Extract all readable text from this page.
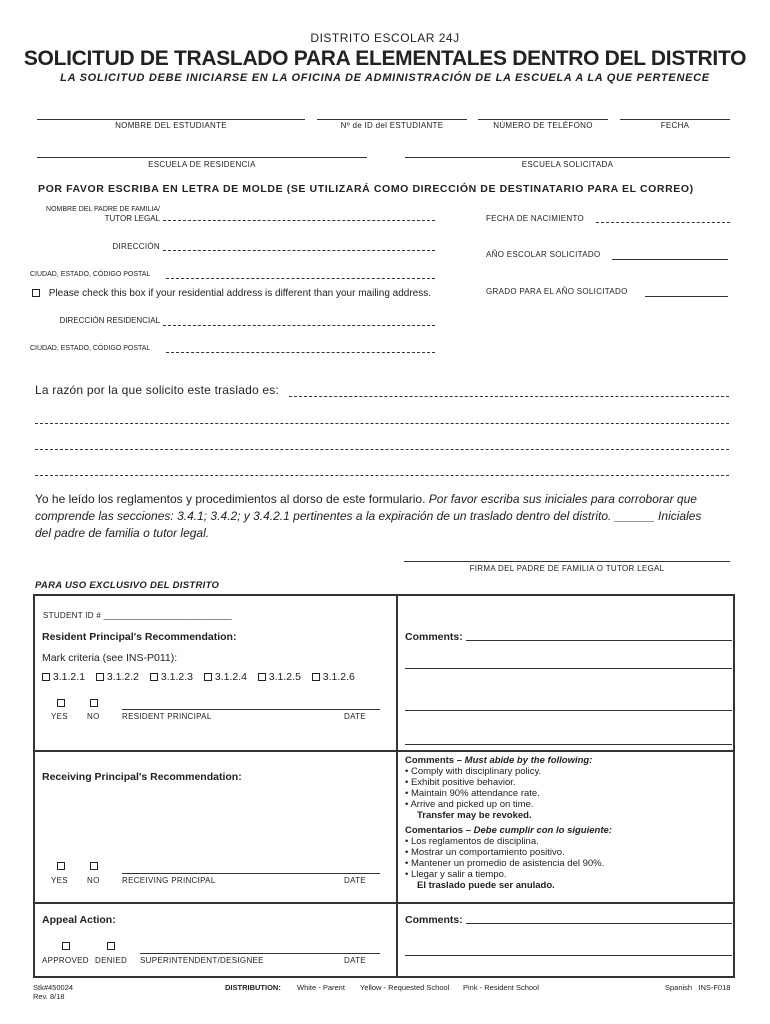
DISTRITO ESCOLAR 24J
SOLICITUD DE TRASLADO PARA ELEMENTALES DENTRO DEL DISTRITO
LA SOLICITUD DEBE INICIARSE EN LA OFICINA DE ADMINISTRACIÓN DE LA ESCUELA A LA QUE PERTENECE
NOMBRE DEL ESTUDIANTE	Nº de ID del ESTUDIANTE	NÚMERO DE TELÉFONO	FECHA
ESCUELA DE RESIDENCIA	ESCUELA SOLICITADA
POR FAVOR ESCRIBA EN LETRA DE MOLDE (SE UTILIZARÁ COMO DIRECCIÓN DE DESTINATARIO PARA EL CORREO)
NOMBRE DEL PADRE DE FAMILIA/
TUTOR LEGAL
DIRECCIÓN
CIUDAD, ESTADO, CÓDIGO POSTAL
Please check this box if your residential address is different than your mailing address.
DIRECCIÓN RESIDENCIAL
CIUDAD, ESTADO, CÓDIGO POSTAL
FECHA DE NACIMIENTO
AÑO ESCOLAR SOLICITADO
GRADO PARA EL AÑO SOLICITADO
La razón por la que solicito este traslado es:
Yo he leído los reglamentos y procedimientos al dorso de este formulario. Por favor escriba sus iniciales para corroborar que
comprende las secciones: 3.4.1; 3.4.2; y 3.4.2.1 pertinentes a la expiración de un traslado dentro del distrito. ______ Iniciales
del padre de familia o tutor legal.
FIRMA DEL PADRE DE FAMILIA O TUTOR LEGAL
PARA USO EXCLUSIVO DEL DISTRITO
STUDENT ID # ___________________________
Resident Principal's Recommendation:
Mark criteria (see INS-P011):
3.1.2.1 3.1.2.2 3.1.2.3 3.1.2.4 3.1.2.5 3.1.2.6
YES NO	RESIDENT PRINCIPAL	DATE
Comments:
Receiving Principal's Recommendation:
YES NO	RECEIVING PRINCIPAL	DATE
Comments – Must abide by the following:
• Comply with disciplinary policy.
• Exhibit positive behavior.
• Maintain 90% attendance rate.
• Arrive and picked up on time.
Transfer may be revoked.
Comentarios – Debe cumplir con lo siguiente:
• Los reglamentos de disciplina.
• Mostrar un comportamiento positivo.
• Mantener un promedio de asistencia del 90%.
• Llegar y salir a tiempo.
El traslado puede ser anulado.
Appeal Action:
APPROVED DENIED SUPERINTENDENT/DESIGNEE	DATE
Comments:
Stk#450024
Rev. 8/18
DISTRIBUTION: White - Parent Yellow - Requested School Pink - Resident School	Spanish   INS-F018
